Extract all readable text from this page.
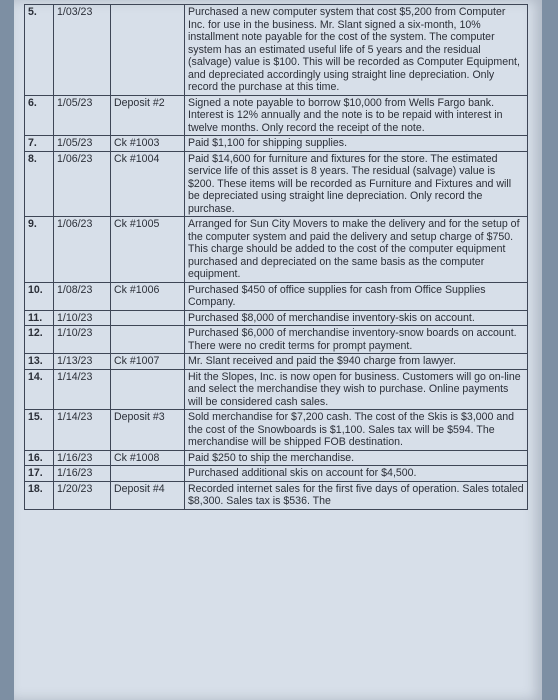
5.	1/03/23		Purchased a new computer system that cost $5,200 from Computer Inc. for use in the business. Mr. Slant signed a six-month, 10% installment note payable for the cost of the system. The computer system has an estimated useful life of 5 years and the residual (salvage) value is $100. This will be recorded as Computer Equipment, and depreciated accordingly using straight line depreciation. Only record the purchase at this time.
6.	1/05/23	Deposit #2	Signed a note payable to borrow $10,000 from Wells Fargo bank. Interest is 12% annually and the note is to be repaid with interest in twelve months. Only record the receipt of the note.
7.	1/05/23	Ck #1003	Paid $1,100 for shipping supplies.
8.	1/06/23	Ck #1004	Paid $14,600 for furniture and fixtures for the store. The estimated service life of this asset is 8 years. The residual (salvage) value is $200. These items will be recorded as Furniture and Fixtures and will be depreciated using straight line depreciation. Only record the purchase.
9.	1/06/23	Ck #1005	Arranged for Sun City Movers to make the delivery and for the setup of the computer system and paid the delivery and setup charge of $750. This charge should be added to the cost of the computer equipment purchased and depreciated on the same basis as the computer equipment.
10.	1/08/23	Ck #1006	Purchased $450 of office supplies for cash from Office Supplies Company.
11.	1/10/23		Purchased $8,000 of merchandise inventory-skis on account.
12.	1/10/23		Purchased $6,000 of merchandise inventory-snow boards on account. There were no credit terms for prompt payment.
13.	1/13/23	Ck #1007	Mr. Slant received and paid the $940 charge from lawyer.
14.	1/14/23		Hit the Slopes, Inc. is now open for business. Customers will go on-line and select the merchandise they wish to purchase. Online payments will be considered cash sales.
15.	1/14/23	Deposit #3	Sold merchandise for $7,200 cash. The cost of the Skis is $3,000 and the cost of the Snowboards is $1,100. Sales tax will be $594. The merchandise will be shipped FOB destination.
16.	1/16/23	Ck #1008	Paid $250 to ship the merchandise.
17.	1/16/23		Purchased additional skis on account for $4,500.
18.	1/20/23	Deposit #4	Recorded internet sales for the first five days of operation. Sales totaled $8,300. Sales tax is $536. The
